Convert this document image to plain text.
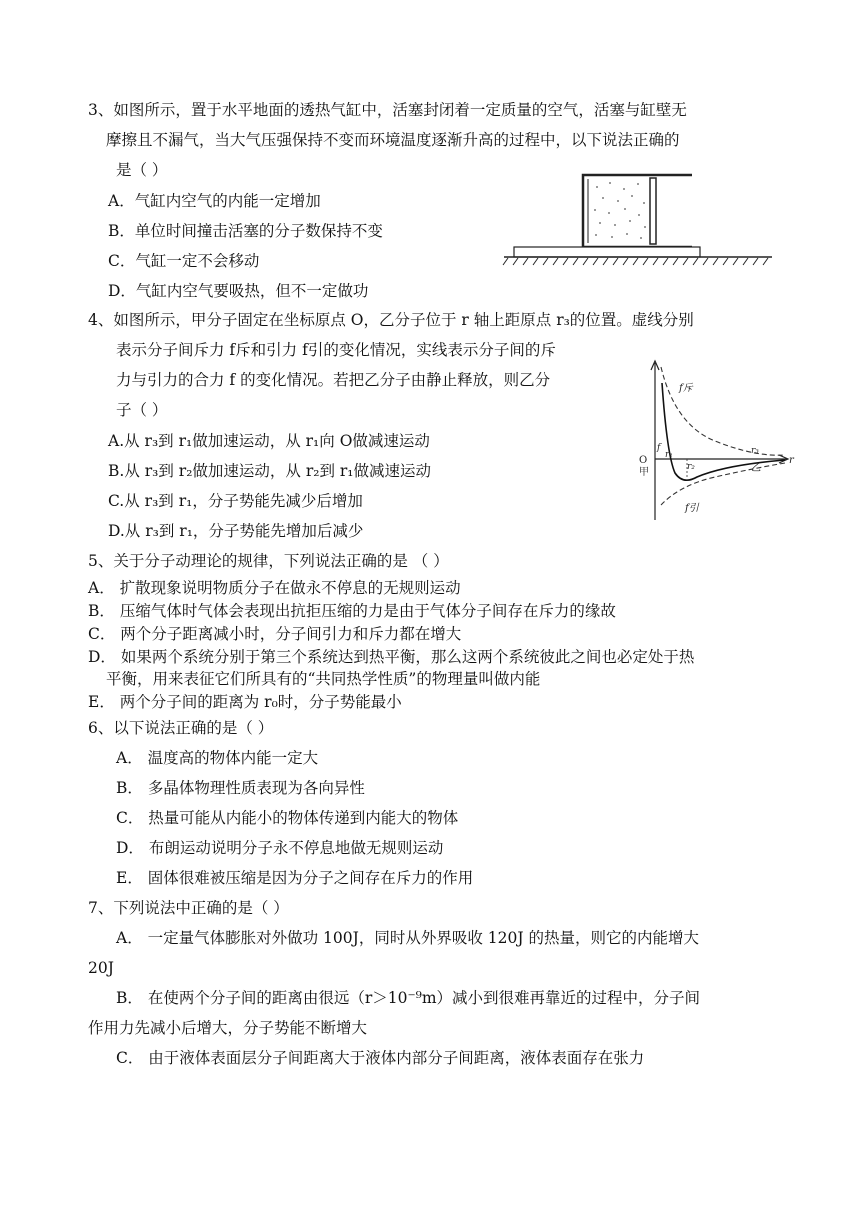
3、如图所示，置于水平地面的透热气缸中，活塞封闭着一定质量的空气，活塞与缸壁无
摩擦且不漏气，当大气压强保持不变而环境温度逐渐升高的过程中，以下说法正确的
是（ ）
A．气缸内空气的内能一定增加
B．单位时间撞击活塞的分子数保持不变
C．气缸一定不会移动
D．气缸内空气要吸热，但不一定做功
4、如图所示，甲分子固定在坐标原点 O，乙分子位于 r 轴上距原点 r₃的位置。虚线分别
表示分子间斥力 f斥和引力 f引的变化情况，实线表示分子间的斥
力与引力的合力 f 的变化情况。若把乙分子由静止释放，则乙分
子（ ）
A.从 r₃到 r₁做加速运动，从 r₁向 O做减速运动
B.从 r₃到 r₂做加速运动，从 r₂到 r₁做减速运动
C.从 r₃到 r₁，分子势能先减少后增加
D.从 r₃到 r₁，分子势能先增加后减少
f斥
f
r₁
r₂
r₃
O
甲	乙
r
f引
5、关于分子动理论的规律，下列说法正确的是 （ ）
A． 扩散现象说明物质分子在做永不停息的无规则运动
B． 压缩气体时气体会表现出抗拒压缩的力是由于气体分子间存在斥力的缘故
C． 两个分子距离减小时，分子间引力和斥力都在增大
D． 如果两个系统分别于第三个系统达到热平衡，那么这两个系统彼此之间也必定处于热
平衡，用来表征它们所具有的“共同热学性质”的物理量叫做内能
E． 两个分子间的距离为 r₀时，分子势能最小
6、以下说法正确的是（ ）
A． 温度高的物体内能一定大
B． 多晶体物理性质表现为各向异性
C． 热量可能从内能小的物体传递到内能大的物体
D． 布朗运动说明分子永不停息地做无规则运动
E． 固体很难被压缩是因为分子之间存在斥力的作用
7、下列说法中正确的是（ ）
A． 一定量气体膨胀对外做功 100J，同时从外界吸收 120J 的热量，则它的内能增大
20J
B． 在使两个分子间的距离由很远（r＞10⁻⁹m）减小到很难再靠近的过程中，分子间
作用力先减小后增大，分子势能不断增大
C． 由于液体表面层分子间距离大于液体内部分子间距离，液体表面存在张力
